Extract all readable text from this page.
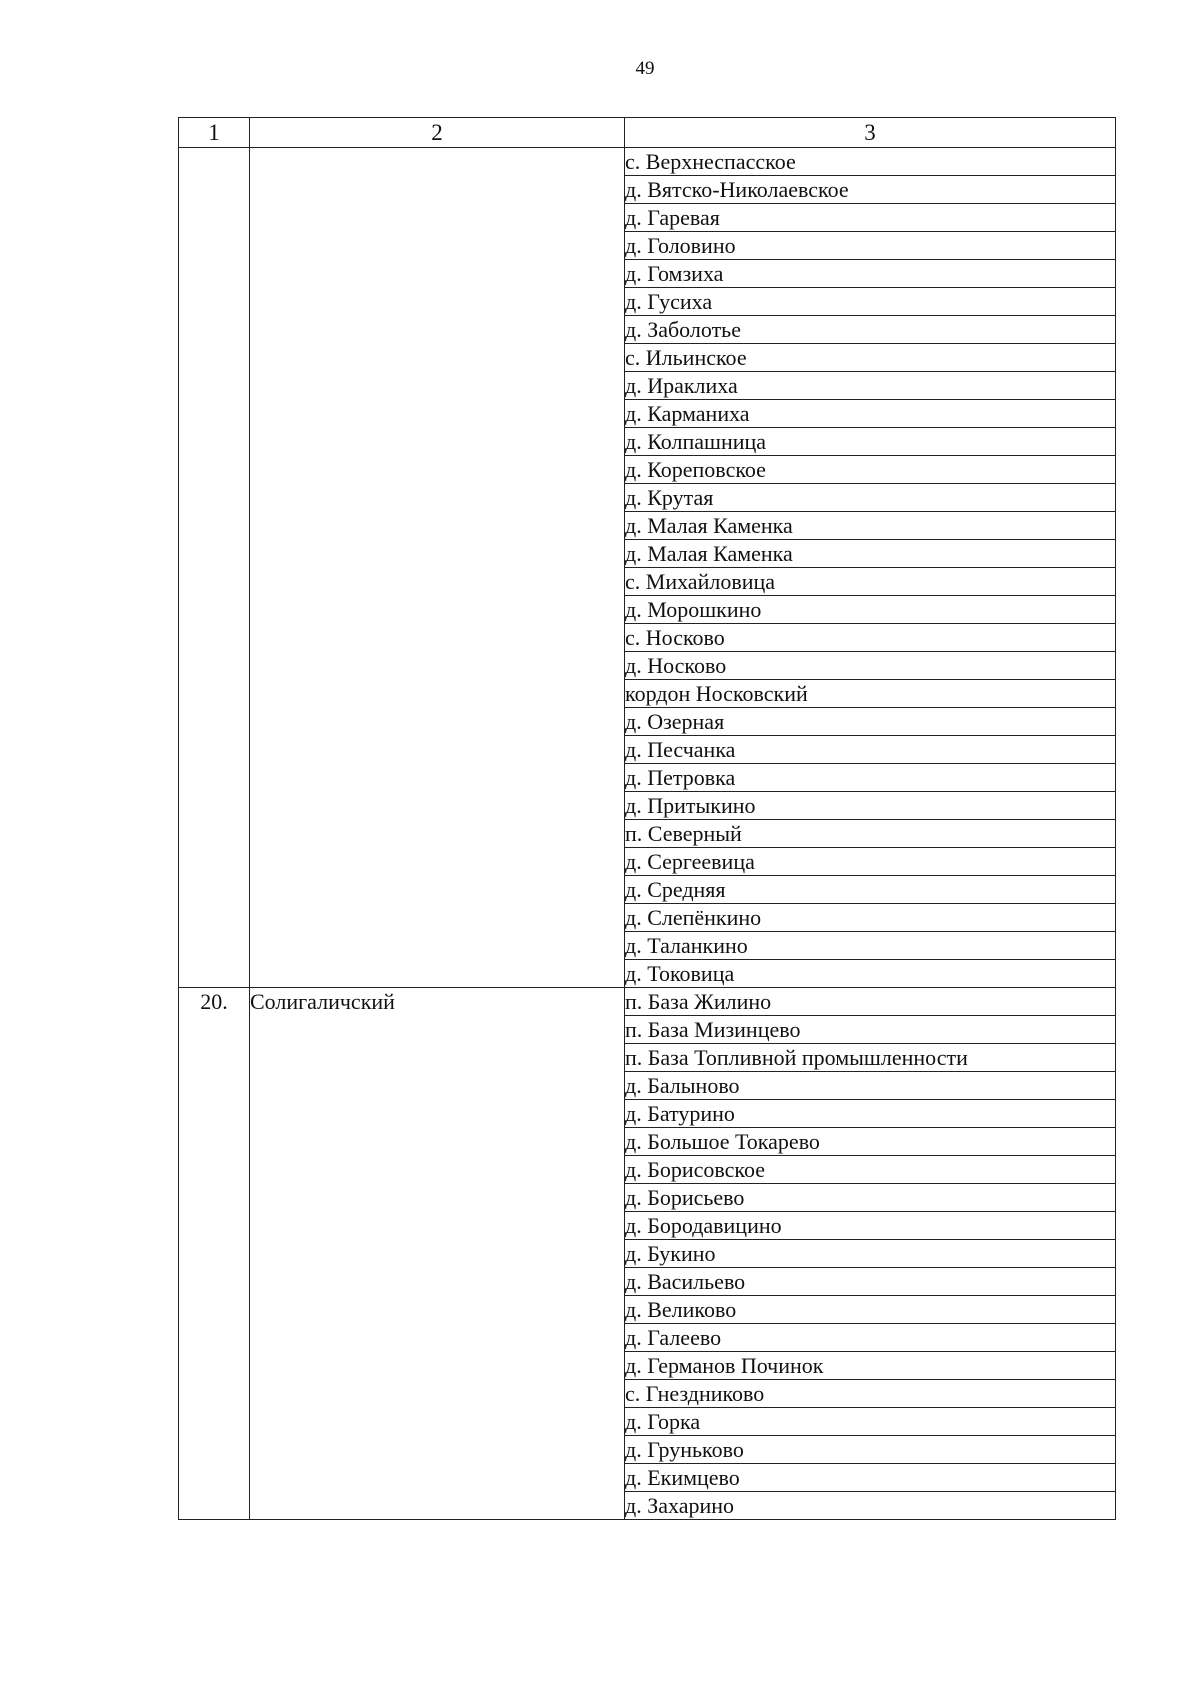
49
1	2	3
		с. Верхнеспасское
		д. Вятско-Николаевское
		д. Гаревая
		д. Головино
		д. Гомзиха
		д. Гусиха
		д. Заболотье
		с. Ильинское
		д. Ираклиха
		д. Карманиха
		д. Колпашница
		д. Кореповское
		д. Крутая
		д. Малая Каменка
		д. Малая Каменка
		с. Михайловица
		д. Морошкино
		с. Носково
		д. Носково
		кордон Носковский
		д. Озерная
		д. Песчанка
		д. Петровка
		д. Притыкино
		п. Северный
		д. Сергеевица
		д. Средняя
		д. Слепёнкино
		д. Таланкино
		д. Токовица
20.	Солигаличский	п. База Жилино
		п. База Мизинцево
		п. База Топливной промышленности
		д. Балыново
		д. Батурино
		д. Большое Токарево
		д. Борисовское
		д. Борисьево
		д. Бородавицино
		д. Букино
		д. Васильево
		д. Великово
		д. Галеево
		д. Германов Починок
		с. Гнездниково
		д. Горка
		д. Груньково
		д. Екимцево
		д. Захарино
